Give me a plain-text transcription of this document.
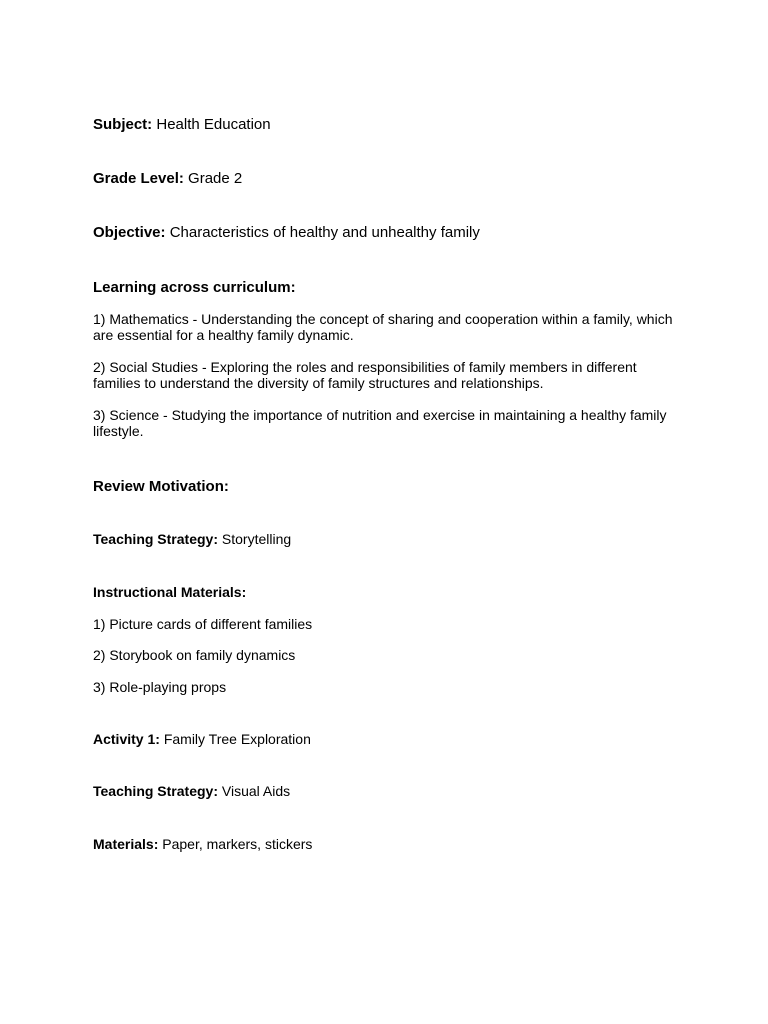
Subject: Health Education

Grade Level: Grade 2

Objective: Characteristics of healthy and unhealthy family

Learning across curriculum:

1) Mathematics - Understanding the concept of sharing and cooperation within a family, which are essential for a healthy family dynamic.

2) Social Studies - Exploring the roles and responsibilities of family members in different families to understand the diversity of family structures and relationships.

3) Science - Studying the importance of nutrition and exercise in maintaining a healthy family lifestyle.

Review Motivation:

Teaching Strategy: Storytelling

Instructional Materials:

1) Picture cards of different families

2) Storybook on family dynamics

3) Role-playing props

Activity 1: Family Tree Exploration

Teaching Strategy: Visual Aids

Materials: Paper, markers, stickers
